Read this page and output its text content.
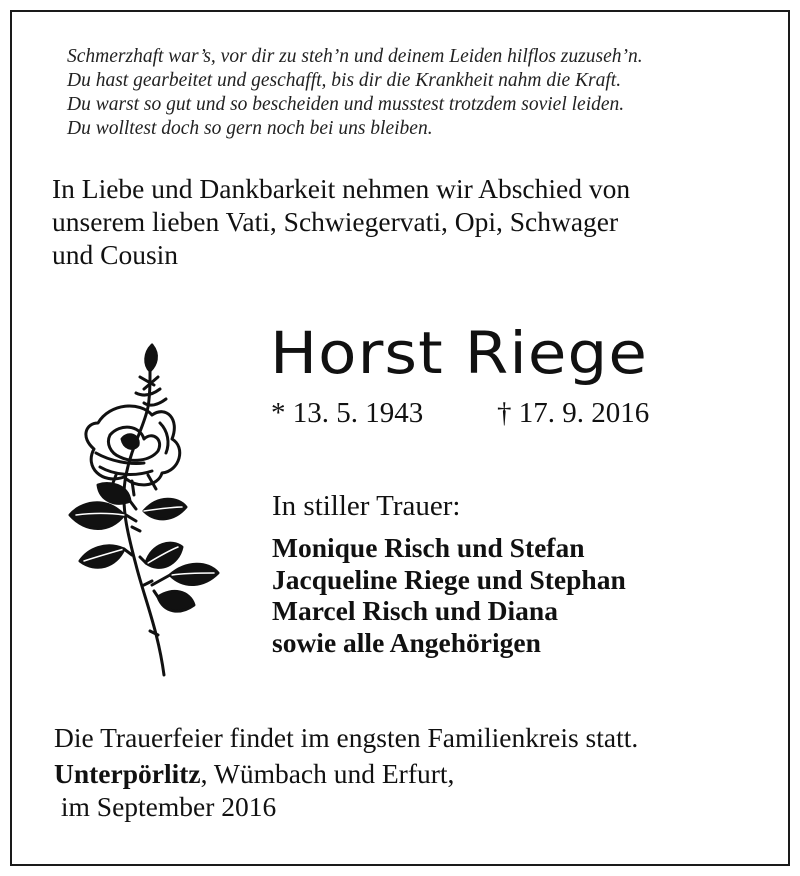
Schmerzhaft war’s, vor dir zu steh’n und deinem Leiden hilflos zuzuseh’n.
Du hast gearbeitet und geschafft, bis dir die Krankheit nahm die Kraft.
Du warst so gut und so bescheiden und musstest trotzdem soviel leiden.
Du wolltest doch so gern noch bei uns bleiben.
In Liebe und Dankbarkeit nehmen wir Abschied von
unserem lieben Vati, Schwiegervati, Opi, Schwager
und Cousin
Horst Riege
* 13. 5. 1943	† 17. 9. 2016
In stiller Trauer:
Monique Risch und Stefan
Jacqueline Riege und Stephan
Marcel Risch und Diana
sowie alle Angehörigen
Die Trauerfeier findet im engsten Familienkreis statt.
Unterpörlitz, Wümbach und Erfurt,
im September 2016
